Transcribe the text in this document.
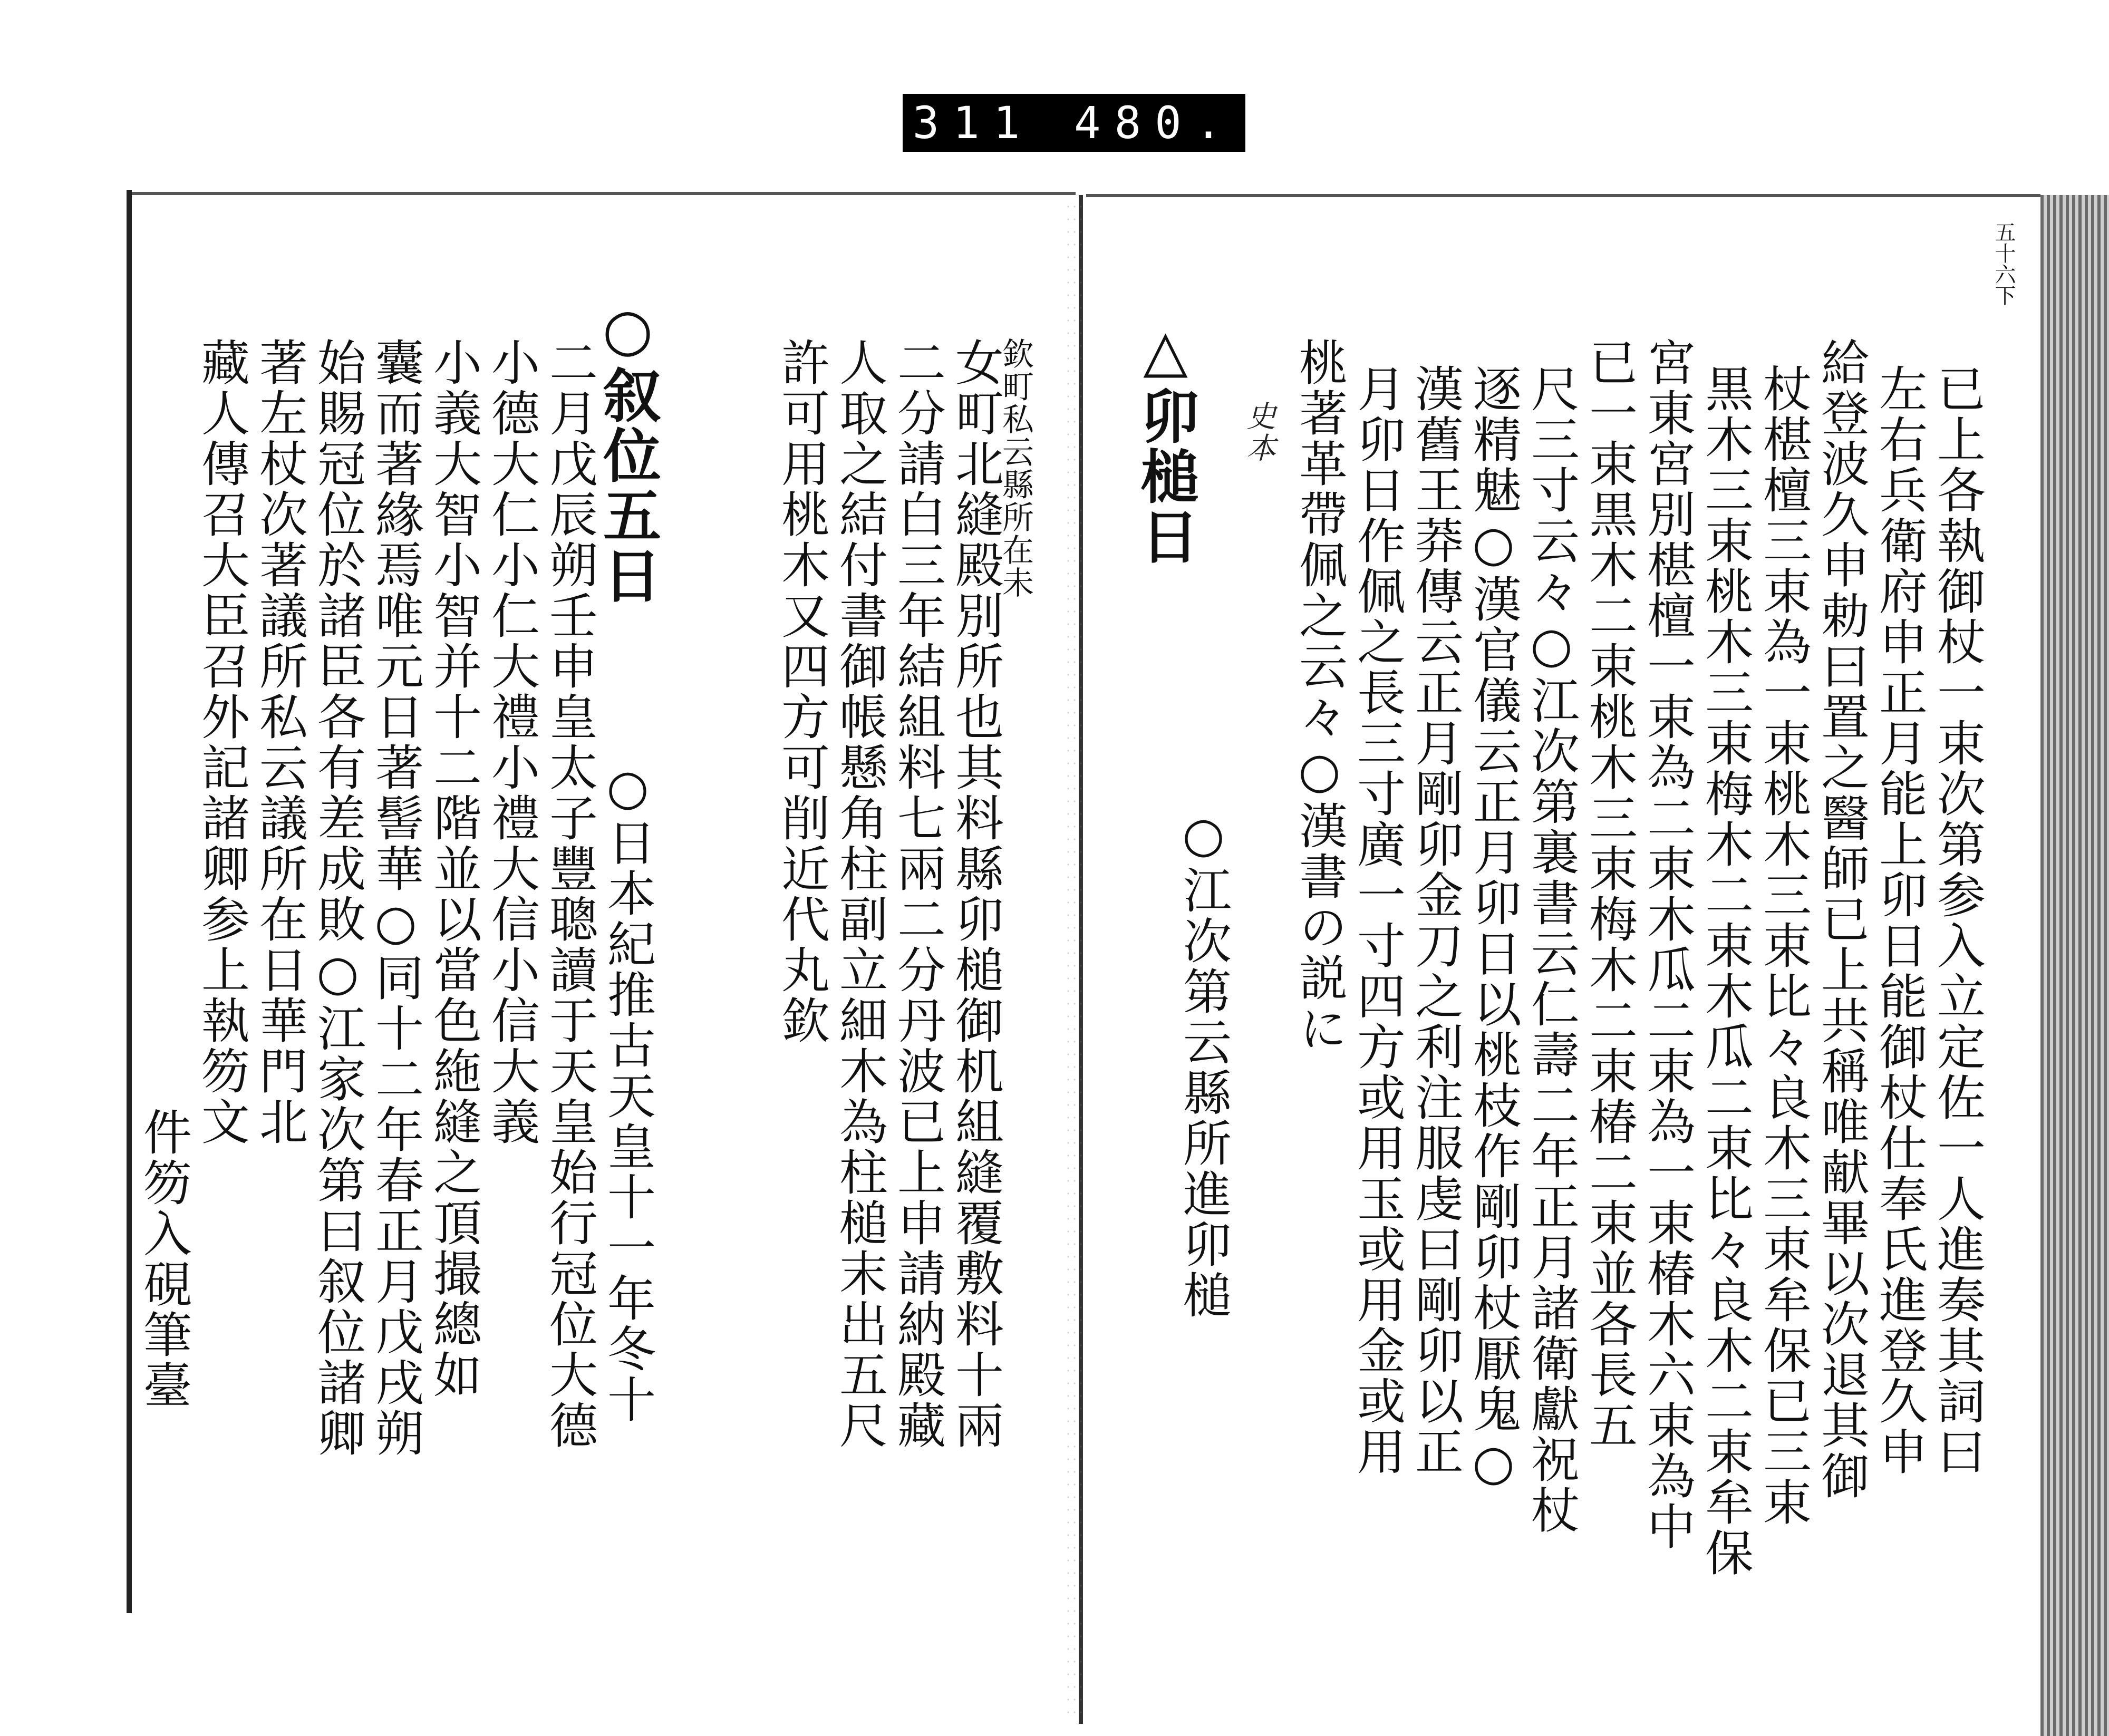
311 480.
五十六下
已上各執御杖一束次第参入立定佐一人進奏其詞曰
左右兵衛府申正月能上卯日能御杖仕奉氏進登久申
給登波久申勅曰置之醫師已上共稱唯献畢以次退其御
杖椹檀三束為一束桃木三束比々良木三束牟保已三束
黒木三束桃木三束梅木二束木瓜二束比々良木二束牟保
宮東宮別椹檀一束為二束木瓜二束為一束椿木六束為中
已一束黒木二束桃木三束梅木二束椿二束並各長五
尺三寸云々○江次第裏書云仁壽二年正月諸衛獻祝杖
逐精魅○漢官儀云正月卯日以桃枝作剛卯杖厭鬼○
漢舊王莽傳云正月剛卯金刀之利注服虔曰剛卯以正
月卯日作佩之長三寸廣一寸四方或用玉或用金或用
桃著革帶佩之云々○漢書の説に
史本
○江次第云縣所進卯槌
△卯槌日
欽町私云縣所在未
女町北縫殿別所也其料縣卯槌御机組縫覆敷料十兩
二分請白三年結組料七兩二分丹波已上申請納殿藏
人取之結付書御帳懸角柱副立細木為柱槌末出五尺
許可用桃木又四方可削近代丸欽
○日本紀推古天皇十一年冬十
二月戊辰朔壬申皇太子豐聰讀于天皇始行冠位大德
小德大仁小仁大禮小禮大信小信大義
小義大智小智并十二階並以當色絁縫之頂撮總如
囊而著緣焉唯元日著髻華○同十二年春正月戊戌朔
始賜冠位於諸臣各有差成敗○江家次第曰叙位諸卿
著左杖次著議所私云議所在日華門北
藏人傳召大臣召外記諸卿参上執笏文
件笏入硯筆臺
○叙位五日
